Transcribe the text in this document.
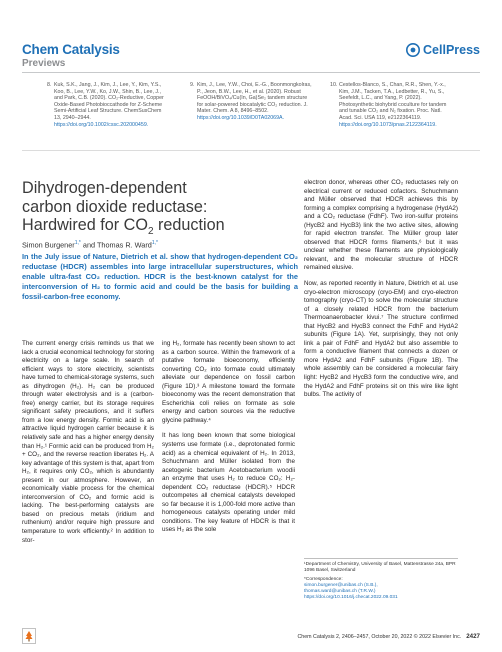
Chem Catalysis
Previews
CellPress
8. Kuk, S.K., Jang, J., Kim, J., Lee, Y., Kim, Y.S., Koo, B., Lee, Y.W., Ko, J.W., Shin, B., Lee, J., and Park, C.B. (2020). CO₂-Reductive, Copper Oxide-Based Photobioccathode for Z-Scheme Semi-Artificial Leaf Structure. ChemSusChem 13, 2940–2944. https://doi.org/10.1002/cssc.202000459.
9. Kim, J., Lee, Y.W., Choi, E.-G., Boonmongkolras, P., Jeon, B.W., Lee, H., et al. (2020). Robust FeOOH/BiVO₄/Cu(In, Ga)Se₂ tandem structure for solar-powered biocatalytic CO₂ reduction. J. Mater. Chem. A 8, 8496–8502. https://doi.org/10.1039/D0TA02069A.
10. Cestellos-Blanco, S., Chan, R.R., Shen, Y.-x., Kim, J.M., Tacken, T.A., Ledbetter, R., Yu, S., Seefeldt, L.C., and Yang, P. (2022). Photosynthetic biohybrid coculture for tandem and tunable CO₂ and N₂ fixation. Proc. Natl. Acad. Sci. USA 119, e2122364119. https://doi.org/10.1073/pnas.2122364119.
Dihydrogen-dependent
carbon dioxide reductase:
Hardwired for $CO_2$ reduction
Simon Burgener$^{1,*}$ and Thomas R. Ward$^{1,*}$

In the July issue of Nature, Dietrich et al. show that hydrogen-dependent CO₂ reductase (HDCR) assembles into large intracellular superstructures, which enable ultra-fast CO₂ reduction. HDCR is the best-known catalyst for the interconversion of H₂ to formic acid and could be the basis for building a fossil-carbon-free economy.

The current energy crisis reminds us that we lack a crucial economical technology for storing electricity on a large scale. In search of efficient ways to store electricity, scientists have turned to chemical-storage systems, such as dihydrogen (H₂). H₂ can be produced through water electrolysis and is a (carbon-free) energy carrier, but its storage requires significant safety precautions, and it suffers from a low energy density. Formic acid is an attractive liquid hydrogen carrier because it is relatively safe and has a higher energy density than H₂.¹ Formic acid can be produced from H₂ + CO₂, and the reverse reaction liberates H₂. A key advantage of this system is that, apart from H₂, it requires only CO₂, which is abundantly present in our atmosphere. However, an economically viable process for the chemical interconversion of CO₂ and formic acid is lacking. The best-performing catalysts are based on precious metals (iridium and ruthenium) and/or require high pressure and temperature to work efficiently.² In addition to stor-

ing H₂, formate has recently been shown to act as a carbon source. Within the framework of a putative formate bioeconomy, efficiently converting CO₂ into formate could ultimately alleviate our dependence on fossil carbon (Figure 1D).³ A milestone toward the formate bioeconomy was the recent demonstration that Escherichia coli relies on formate as sole energy and carbon sources via the reductive glycine pathway.⁴

It has long been known that some biological systems use formate (i.e., deprotonated formic acid) as a chemical equivalent of H₂. In 2013, Schuchmann and Müller isolated from the acetogenic bacterium Acetobacterium woodii an enzyme that uses H₂ to reduce CO₂: H₂-dependent CO₂ reductase (HDCR).⁵ HDCR outcompetes all chemical catalysts developed so far because it is 1,000-fold more active than homogeneous catalysts operating under mild conditions. The key feature of HDCR is that it uses H₂ as the sole

electron donor, whereas other CO₂ reductases rely on electrical current or reduced cofactors. Schuchmann and Müller observed that HDCR achieves this by forming a complex comprising a hydrogenase (HydA2) and a CO₂ reductase (FdhF). Two iron-sulfur proteins (HycB2 and HycB3) link the two active sites, allowing for rapid electron transfer. The Müller group later observed that HDCR forms filaments,⁶ but it was unclear whether these filaments are physiologically relevant, and the molecular structure of HDCR remained elusive.

Now, as reported recently in Nature, Dietrich et al. use cryo-electron microscopy (cryo-EM) and cryo-electron tomography (cryo-CT) to solve the molecular structure of a closely related HDCR from the bacterium Thermoanaerobacter kivui.⁷ The structure confirmed that HycB2 and HycB3 connect the FdhF and HydA2 subunits (Figure 1A). Yet, surprisingly, they not only link a pair of FdhF and HydA2 but also assemble to form a conductive filament that connects a dozen or more HydA2 and FdhF subunits (Figure 1B). The whole assembly can be considered a molecular fairy light: HycB2 and HycB3 form the conductive wire, and the HydA2 and FdhF proteins sit on this wire like light bulbs. The activity of

¹Department of Chemistry, University of Basel, Mattenstrasse 24a, BPR 1096 Basel, Switzerland
*Correspondence:
simon.burgener@unibas.ch (S.B.),
thomas.ward@unibas.ch (T.R.W.)
https://doi.org/10.1016/j.checat.2022.09.031
Chem Catalysis 2, 2406–2457, October 20, 2022 © 2022 Elsevier Inc. 2427
